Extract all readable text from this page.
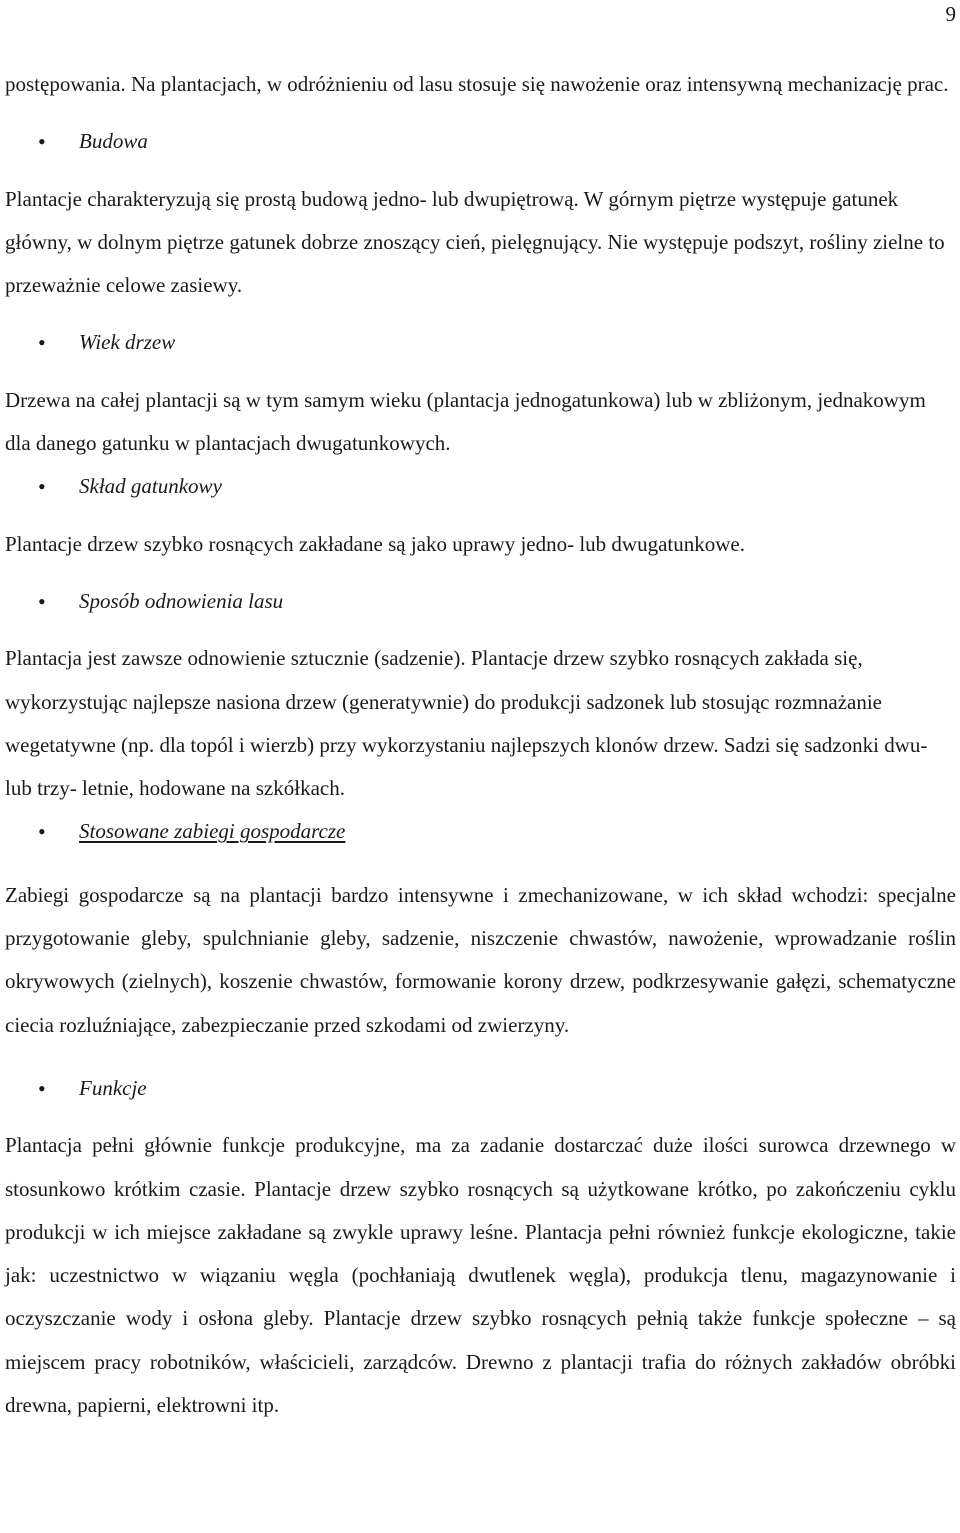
9

postępowania. Na plantacjach, w odróżnieniu od lasu stosuje się nawożenie oraz intensywną mechanizację prac.

• Budowa

Plantacje charakteryzują się prostą budową jedno- lub dwupiętrową. W górnym piętrze występuje gatunek główny, w dolnym piętrze gatunek dobrze znoszący cień, pielęgnujący. Nie występuje podszyt, rośliny zielne to przeważnie celowe zasiewy.

• Wiek drzew

Drzewa na całej plantacji są w tym samym wieku (plantacja jednogatunkowa) lub w zbliżonym, jednakowym dla danego gatunku w plantacjach dwugatunkowych.

• Skład gatunkowy

Plantacje drzew szybko rosnących zakładane są jako uprawy jedno- lub dwugatunkowe.

• Sposób odnowienia lasu

Plantacja jest zawsze odnowienie sztucznie (sadzenie). Plantacje drzew szybko rosnących zakłada się, wykorzystując najlepsze nasiona drzew (generatywnie) do produkcji sadzonek lub stosując rozmnażanie wegetatywne (np. dla topól i wierzb) przy wykorzystaniu najlepszych klonów drzew. Sadzi się sadzonki dwu- lub trzy- letnie, hodowane na szkółkach.

• Stosowane zabiegi gospodarcze

Zabiegi gospodarcze są na plantacji bardzo intensywne i zmechanizowane, w ich skład wchodzi: specjalne przygotowanie gleby, spulchnianie gleby, sadzenie, niszczenie chwastów, nawożenie, wprowadzanie roślin okrywowych (zielnych), koszenie chwastów, formowanie korony drzew, podkrzesywanie gałęzi, schematyczne ciecia rozluźniające, zabezpieczanie przed szkodami od zwierzyny.

• Funkcje

Plantacja pełni głównie funkcje produkcyjne, ma za zadanie dostarczać duże ilości surowca drzewnego w stosunkowo krótkim czasie. Plantacje drzew szybko rosnących są użytkowane krótko, po zakończeniu cyklu produkcji w ich miejsce zakładane są zwykle uprawy leśne. Plantacja pełni również funkcje ekologiczne, takie jak: uczestnictwo w wiązaniu węgla (pochłaniają dwutlenek węgla), produkcja tlenu, magazynowanie i oczyszczanie wody i osłona gleby. Plantacje drzew szybko rosnących pełnią także funkcje społeczne – są miejscem pracy robotników, właścicieli, zarządców. Drewno z plantacji trafia do różnych zakładów obróbki drewna, papierni, elektrowni itp.
